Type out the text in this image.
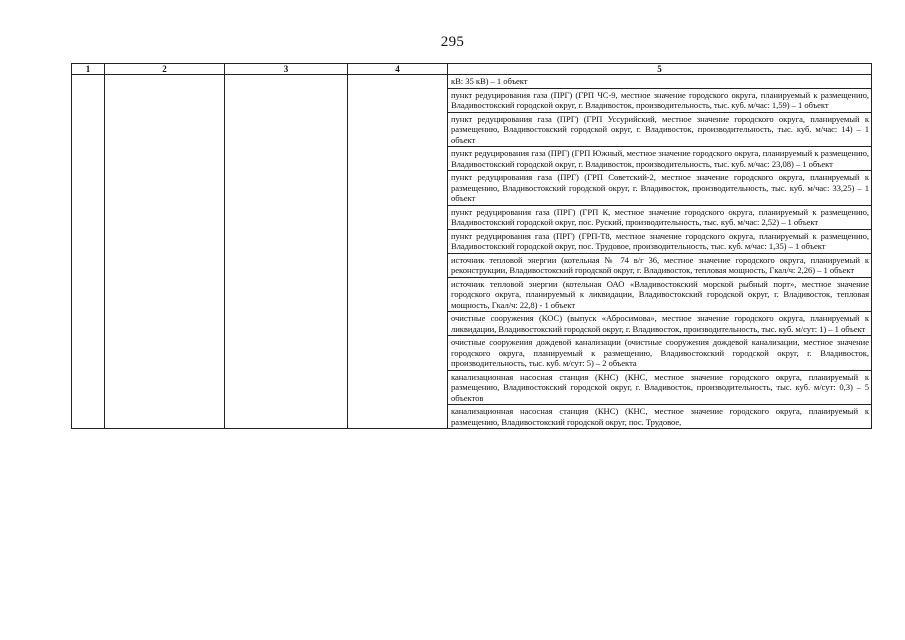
295
1	2	3	4	5

				кВ: 35 кВ) – 1 объект

				пункт редуцирования газа (ПРГ) (ГРП ЧС-9, местное значение городского округа, планируемый к размещению, Владивостокский городской округ, г. Владивосток, производительность, тыс. куб. м/час: 1,59) – 1 объект

				пункт редуцирования газа (ПРГ) (ГРП Уссурийский, местное значение городского округа, планируемый к размещению, Владивостокский городской округ, г. Владивосток, производительность, тыс. куб. м/час: 14) – 1 объект

				пункт редуцирования газа (ПРГ) (ГРП Южный, местное значение городского округа, планируемый к размещению, Владивостокский городской округ, г. Владивосток, производительность, тыс. куб. м/час: 23,08) – 1 объект

				пункт редуцирования газа (ПРГ) (ГРП Советский-2, местное значение городского округа, планируемый к размещению, Владивостокский городской округ, г. Владивосток, производительность, тыс. куб. м/час: 33,25) – 1 объект

				пункт редуцирования газа (ПРГ) (ГРП К, местное значение городского округа, планируемый к размещению, Владивостокский городской округ, пос. Руский, производительность, тыс. куб. м/час: 2,52) – 1 объект

				пункт редуцирования газа (ПРГ) (ГРП-Т8, местное значение городского округа, планируемый к размещению, Владивостокский городской округ, пос. Трудовое, производительность, тыс. куб. м/час: 1,35) – 1 объект

				источник тепловой энергии (котельная № 74 в/г 36, местное значение городского округа, планируемый к реконструкции, Владивостокский городской округ, г. Владивосток, тепловая мощность, Гкал/ч: 2,26) – 1 объект

				источник тепловой энергии (котельная ОАО «Владивостокский морской рыбный порт», местное значение городского округа, планируемый к ликвидации, Владивостокский городской округ, г. Владивосток, тепловая мощность, Гкал/ч: 22,8) - 1 объект

				очистные сооружения (КОС) (выпуск «Абросимова», местное значение городского округа, планируемый к ликвидации, Владивостокский городской округ, г. Владивосток, производительность, тыс. куб. м/сут: 1) – 1 объект

				очистные сооружения дождевой канализации (очистные сооружения дождевой канализации, местное значение городского округа, планируемый к размещению, Владивостокский городской округ, г. Владивосток, производительность, тыс. куб. м/сут: 5) – 2 объекта

				канализационная насосная станция (КНС) (КНС, местное значение городского округа, планируемый к размещению, Владивостокский городской округ, г. Владивосток, производительность, тыс. куб. м/сут: 0,3) – 5 объектов

				канализационная насосная станция (КНС) (КНС, местное значение городского округа, планируемый к размещению, Владивостокский городской округ, пос. Трудовое,
